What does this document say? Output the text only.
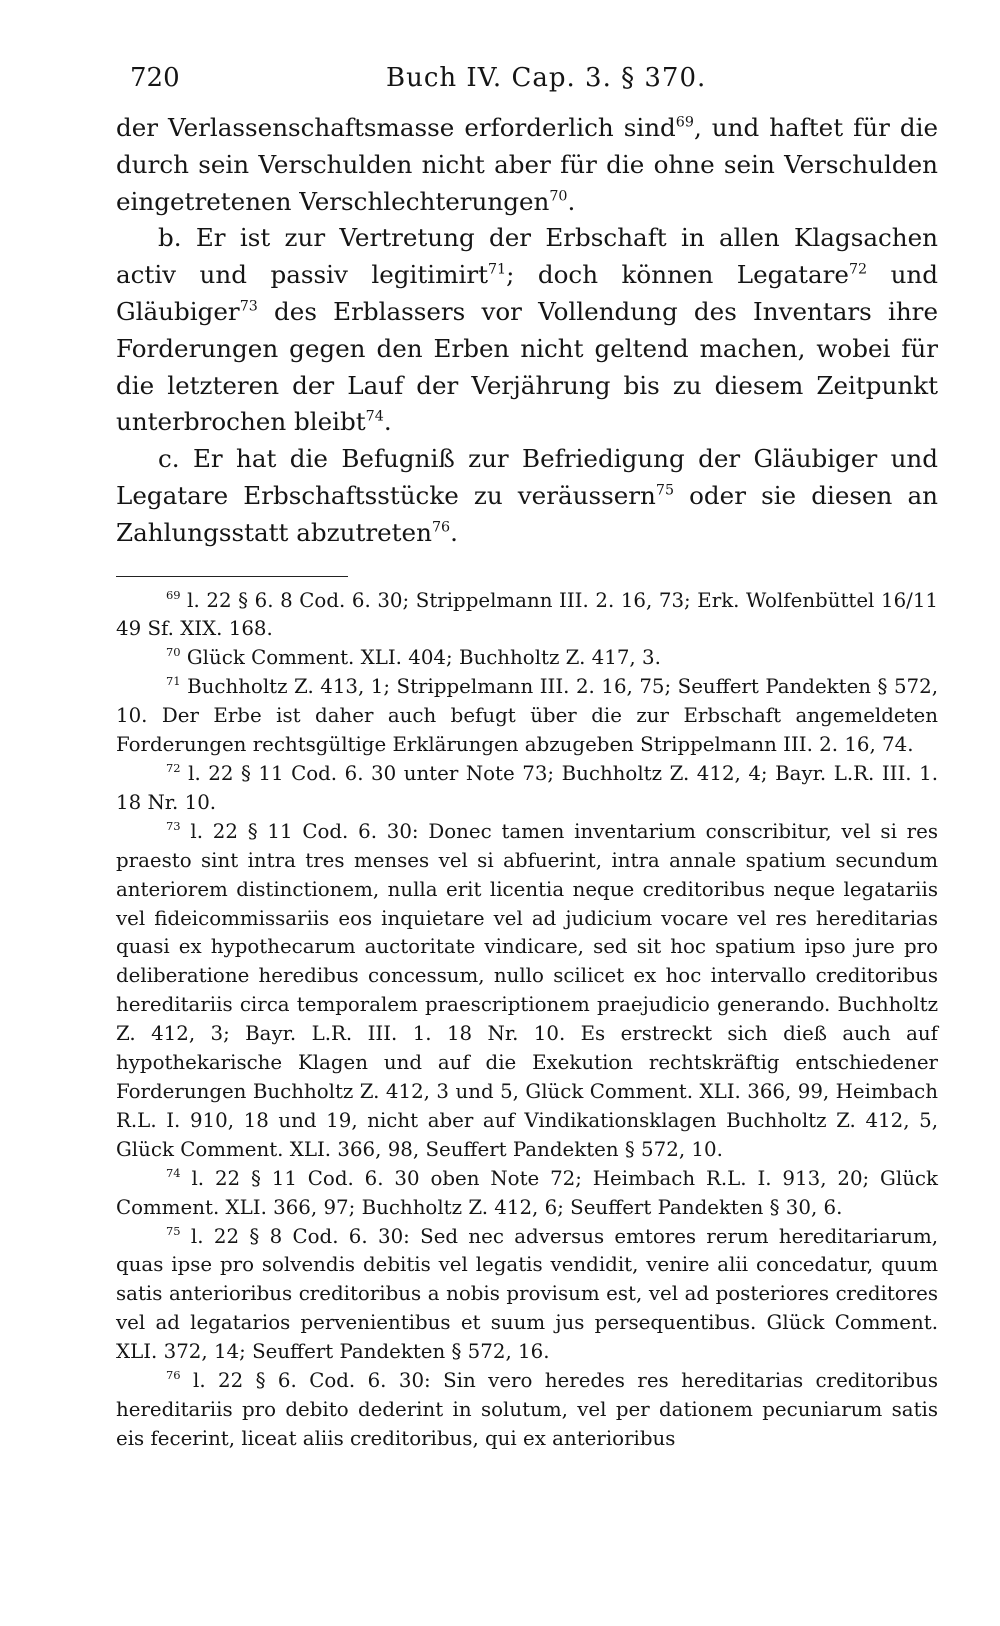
720	Buch IV. Cap. 3. § 370.

der Verlassenschaftsmasse erforderlich sind$^{69}$, und haftet für die durch sein Verschulden nicht aber für die ohne sein Verschulden eingetretenen Verschlechterungen$^{70}$.

b. Er ist zur Vertretung der Erbschaft in allen Klagsachen activ und passiv legitimirt$^{71}$; doch können Legatare$^{72}$ und Gläubiger$^{73}$ des Erblassers vor Vollendung des Inventars ihre Forderungen gegen den Erben nicht geltend machen, wobei für die letzteren der Lauf der Verjährung bis zu diesem Zeitpunkt unterbrochen bleibt$^{74}$.

c. Er hat die Befugniß zur Befriedigung der Gläubiger und Legatare Erbschaftsstücke zu veräussern$^{75}$ oder sie diesen an Zahlungsstatt abzutreten$^{76}$.

$^{69}$ l. 22 § 6. 8 Cod. 6. 30; Strippelmann III. 2. 16, 73; Erk. Wolfenbüttel 16/11 49 Sf. XIX. 168.

$^{70}$ Glück Comment. XLI. 404; Buchholtz Z. 417, 3.

$^{71}$ Buchholtz Z. 413, 1; Strippelmann III. 2. 16, 75; Seuffert Pandekten § 572, 10. Der Erbe ist daher auch befugt über die zur Erbschaft angemeldeten Forderungen rechtsgültige Erklärungen abzugeben Strippelmann III. 2. 16, 74.

$^{72}$ l. 22 § 11 Cod. 6. 30 unter Note 73; Buchholtz Z. 412, 4; Bayr. L.R. III. 1. 18 Nr. 10.

$^{73}$ l. 22 § 11 Cod. 6. 30: Donec tamen inventarium conscribitur, vel si res praesto sint intra tres menses vel si abfuerint, intra annale spatium secundum anteriorem distinctionem, nulla erit licentia neque creditoribus neque legatariis vel fideicommissariis eos inquietare vel ad judicium vocare vel res hereditarias quasi ex hypothecarum auctoritate vindicare, sed sit hoc spatium ipso jure pro deliberatione heredibus concessum, nullo scilicet ex hoc intervallo creditoribus hereditariis circa temporalem praescriptionem praejudicio generando. Buchholtz Z. 412, 3; Bayr. L.R. III. 1. 18 Nr. 10. Es erstreckt sich dieß auch auf hypothekarische Klagen und auf die Exekution rechtskräftig entschiedener Forderungen Buchholtz Z. 412, 3 und 5, Glück Comment. XLI. 366, 99, Heimbach R.L. I. 910, 18 und 19, nicht aber auf Vindikationsklagen Buchholtz Z. 412, 5, Glück Comment. XLI. 366, 98, Seuffert Pandekten § 572, 10.

$^{74}$ l. 22 § 11 Cod. 6. 30 oben Note 72; Heimbach R.L. I. 913, 20; Glück Comment. XLI. 366, 97; Buchholtz Z. 412, 6; Seuffert Pandekten § 30, 6.

$^{75}$ l. 22 § 8 Cod. 6. 30: Sed nec adversus emtores rerum hereditariarum, quas ipse pro solvendis debitis vel legatis vendidit, venire alii concedatur, quum satis anterioribus creditoribus a nobis provisum est, vel ad posteriores creditores vel ad legatarios pervenientibus et suum jus persequentibus. Glück Comment. XLI. 372, 14; Seuffert Pandekten § 572, 16.

$^{76}$ l. 22 § 6. Cod. 6. 30: Sin vero heredes res hereditarias creditoribus hereditariis pro debito dederint in solutum, vel per dationem pecuniarum satis eis fecerint, liceat aliis creditoribus, qui ex anterioribus
